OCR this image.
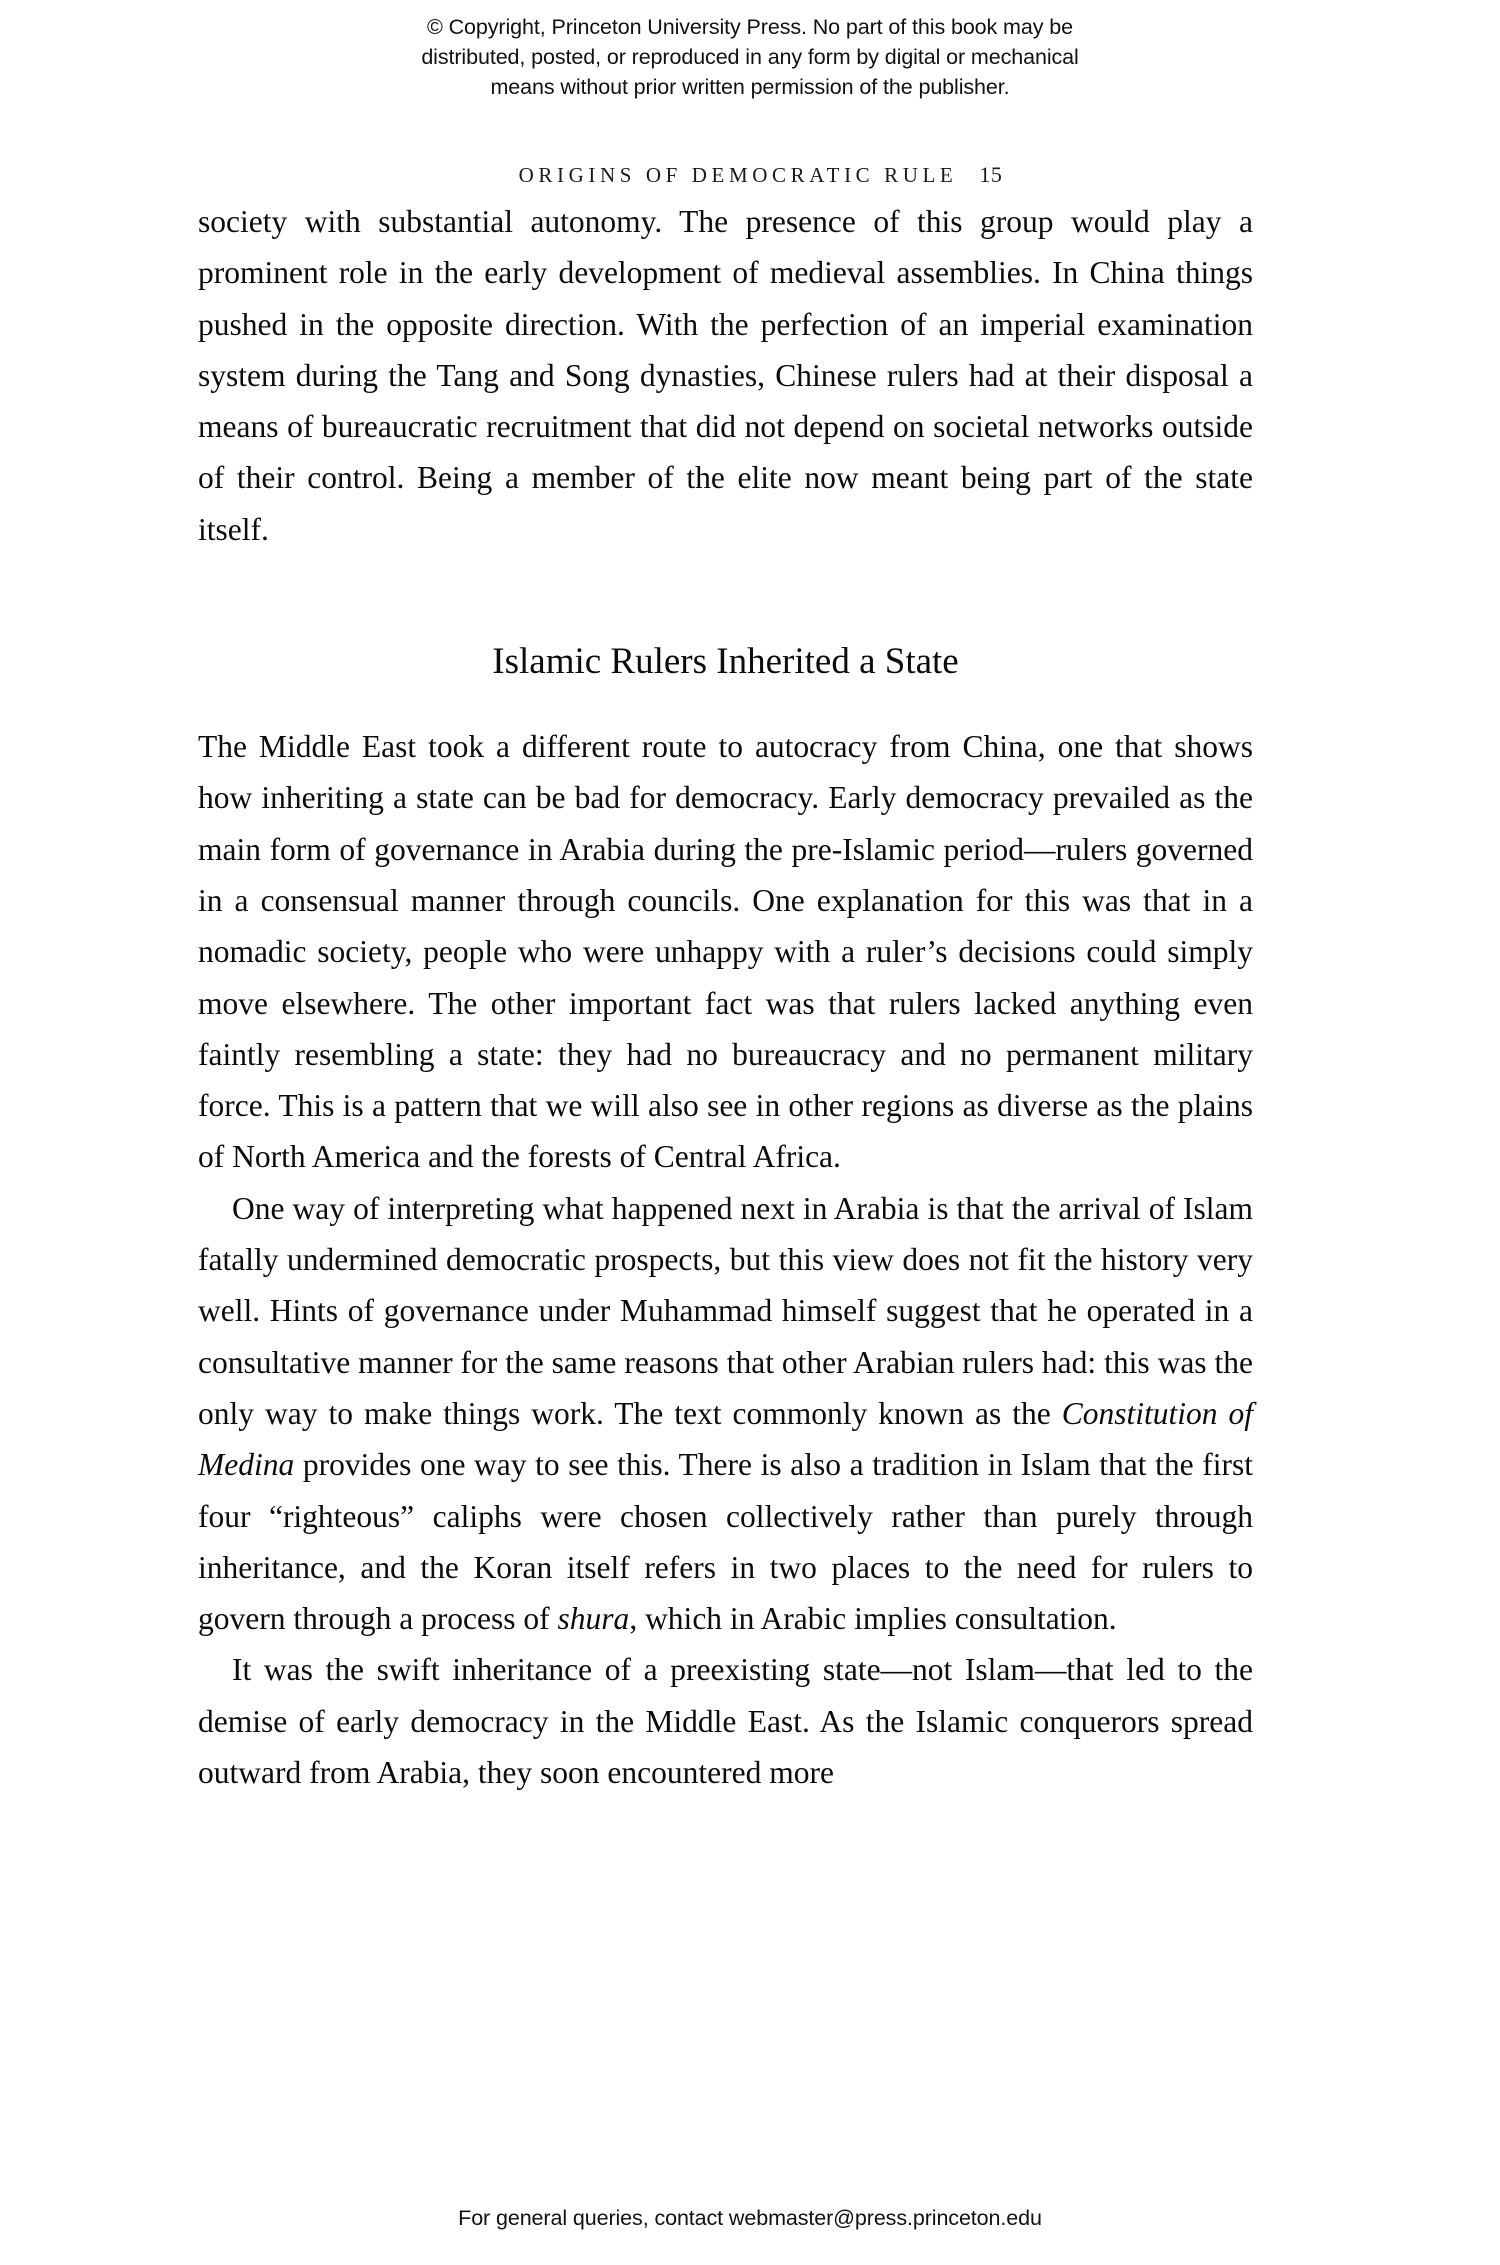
© Copyright, Princeton University Press. No part of this book may be
distributed, posted, or reproduced in any form by digital or mechanical
means without prior written permission of the publisher.

ORIGINS OF DEMOCRATIC RULE 15

society with substantial autonomy. The presence of this group would play a prominent role in the early development of medieval assemblies. In China things pushed in the opposite direction. With the perfection of an imperial examination system during the Tang and Song dynasties, Chinese rulers had at their disposal a means of bureaucratic recruitment that did not depend on societal networks outside of their control. Being a member of the elite now meant being part of the state itself.

Islamic Rulers Inherited a State

The Middle East took a different route to autocracy from China, one that shows how inheriting a state can be bad for democracy. Early democracy prevailed as the main form of governance in Arabia during the pre-Islamic period—rulers governed in a consensual manner through councils. One explanation for this was that in a nomadic society, people who were unhappy with a ruler’s decisions could simply move elsewhere. The other important fact was that rulers lacked anything even faintly resembling a state: they had no bureaucracy and no permanent military force. This is a pattern that we will also see in other regions as diverse as the plains of North America and the forests of Central Africa.

One way of interpreting what happened next in Arabia is that the arrival of Islam fatally undermined democratic prospects, but this view does not fit the history very well. Hints of governance under Muhammad himself suggest that he operated in a consultative manner for the same reasons that other Arabian rulers had: this was the only way to make things work. The text commonly known as the Constitution of Medina provides one way to see this. There is also a tradition in Islam that the first four “righteous” caliphs were chosen collectively rather than purely through inheritance, and the Koran itself refers in two places to the need for rulers to govern through a process of shura, which in Arabic implies consultation.

It was the swift inheritance of a preexisting state—not Islam—that led to the demise of early democracy in the Middle East. As the Islamic conquerors spread outward from Arabia, they soon encountered more

For general queries, contact webmaster@press.princeton.edu
